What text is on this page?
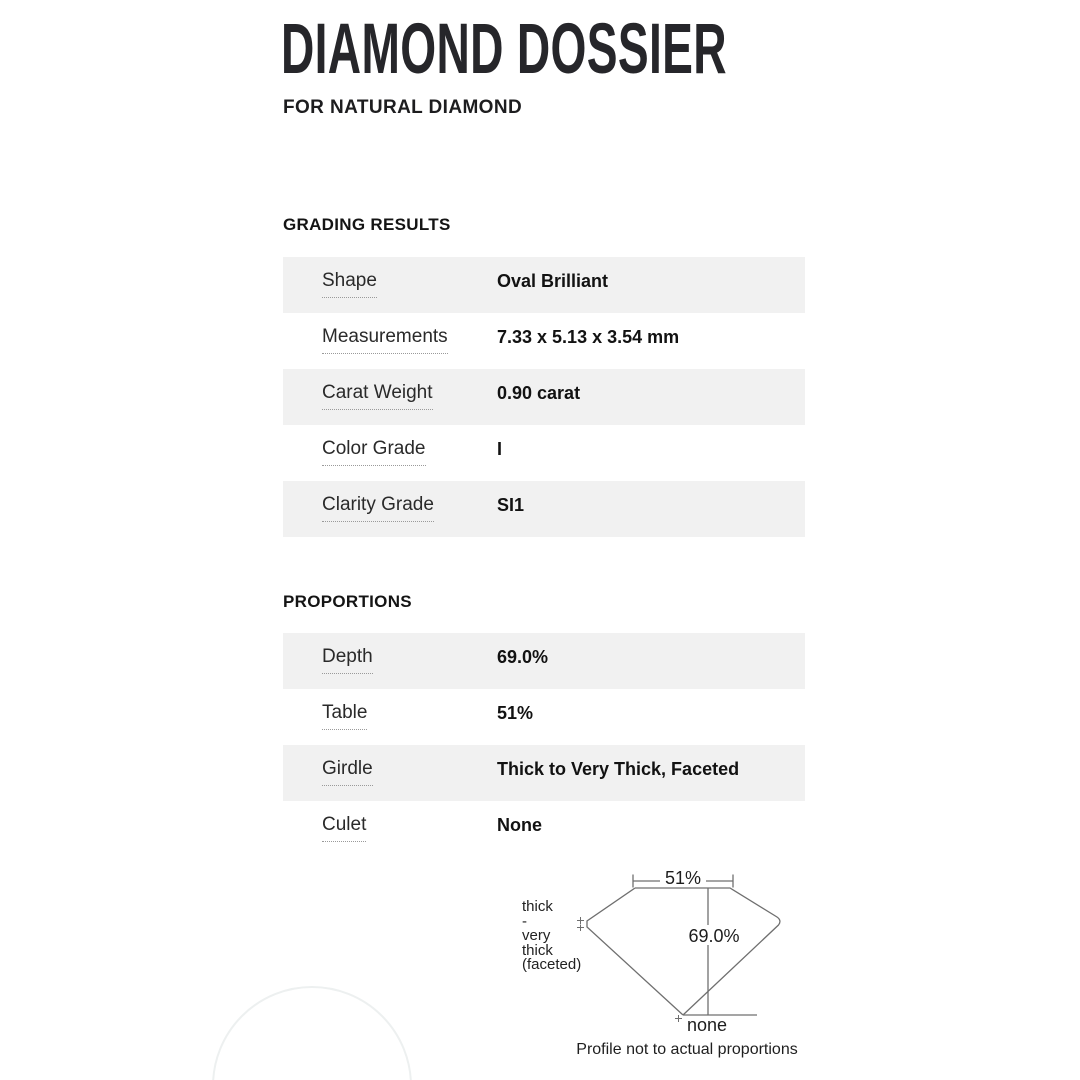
DIAMOND DOSSIER
FOR NATURAL DIAMOND
GRADING RESULTS
Shape	Oval Brilliant
Measurements	7.33 x 5.13 x 3.54 mm
Carat Weight	0.90 carat
Color Grade	I
Clarity Grade	SI1
PROPORTIONS
Depth	69.0%
Table	51%
Girdle	Thick to Very Thick, Faceted
Culet	None
51%
69.0%
none
thick
-
very
thick
(faceted)
Profile not to actual proportions
